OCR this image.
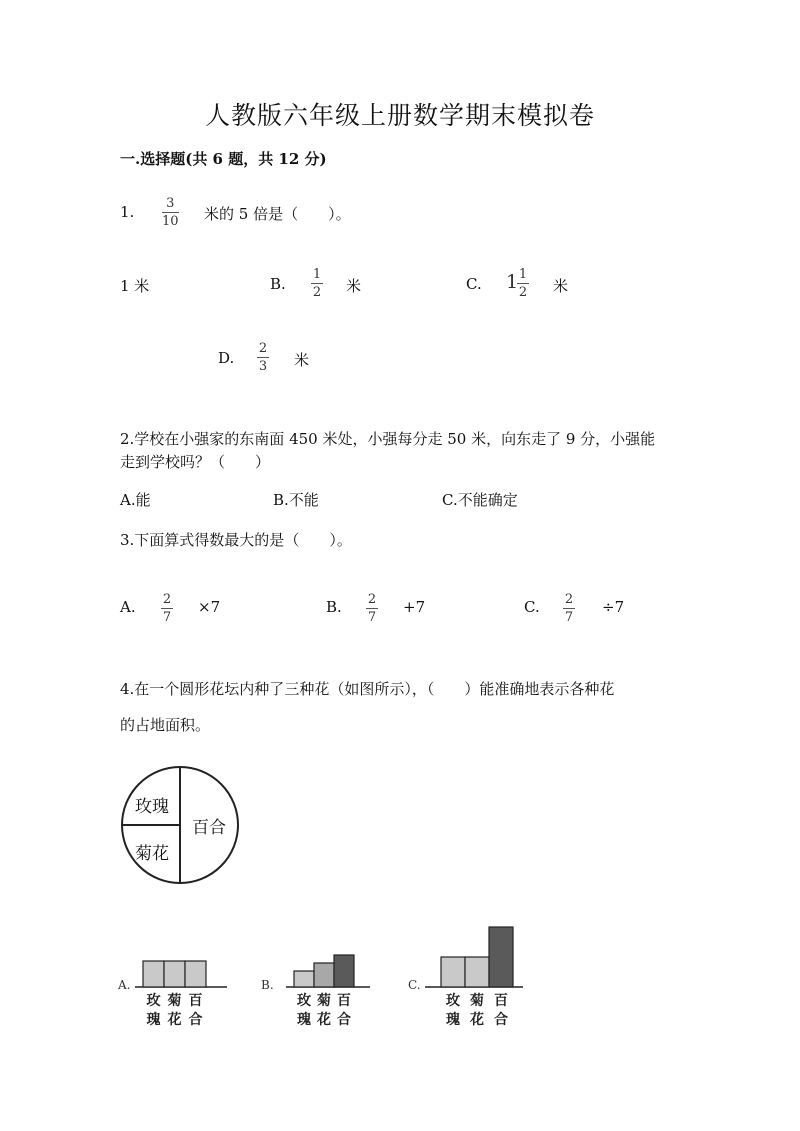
人教版六年级上册数学期末模拟卷
一.选择题(共 6 题，共 12 分)
1. 3
10 米的 5 倍是（　　）。
1 米	B.
1
2 米	C. 1 1
2 米
D.
2
3 米
2.学校在小强家的东南面 450 米处，小强每分走 50 米，向东走了 9 分，小强能
走到学校吗？（　　）
A.能	B.不能	C.不能确定
3.下面算式得数最大的是（　　）。
A. 2
7
×7	B. 2
7
+7	C. 2
7
÷7
4.在一个圆形花坛内种了三种花（如图所示），（　　）能准确地表示各种花
的占地面积。
玫瑰
菊花
百合
A.
玫
瑰
菊
花
百
合
B.
玫
瑰
菊
花
百
合
C.
玫
瑰
菊
花
百
合
